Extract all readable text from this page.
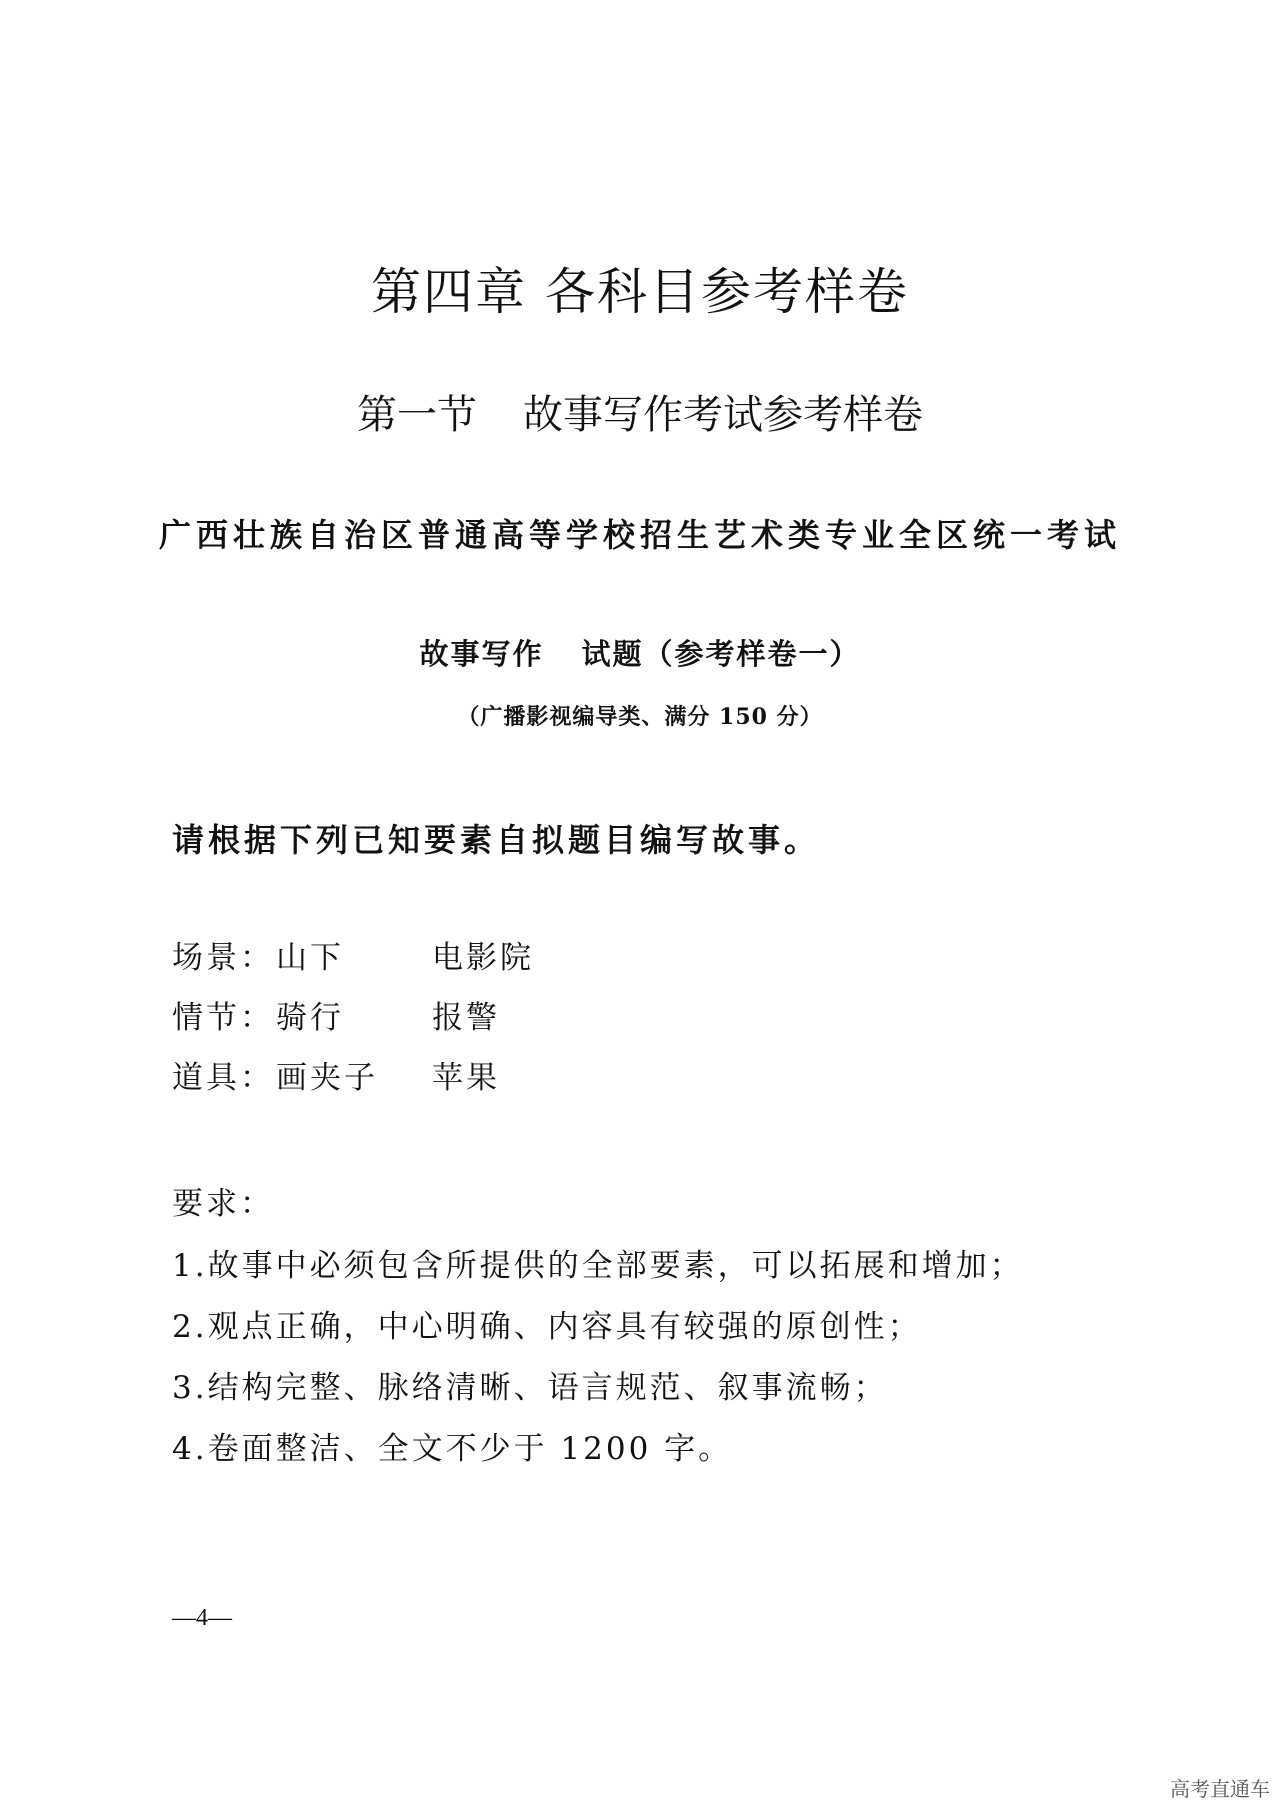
第四章 各科目参考样卷
第一节 故事写作考试参考样卷
广西壮族自治区普通高等学校招生艺术类专业全区统一考试
故事写作 试题（参考样卷一）

（广播影视编导类、满分 150 分）

请根据下列已知要素自拟题目编写故事。

场景： 山下	电影院
情节： 骑行	报警
道具： 画夹子 苹果
要求：
1.故事中必须包含所提供的全部要素，可以拓展和增加；
2.观点正确，中心明确、内容具有较强的原创性；
3.结构完整、脉络清晰、语言规范、叙事流畅；
4.卷面整洁、全文不少于 1200 字。
—4—
高考直通车
